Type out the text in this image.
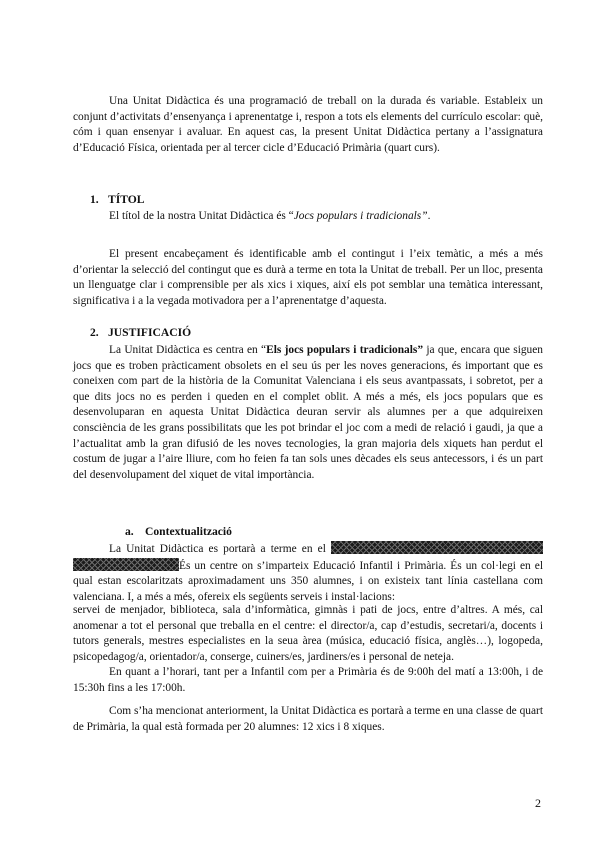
Una Unitat Didàctica és una programació de treball on la durada és variable. Estableix un conjunt d’activitats d’ensenyança i aprenentatge i, respon a tots els elements del currículo escolar: què, cóm i quan ensenyar i avaluar. En aquest cas, la present Unitat Didàctica pertany a l’assignatura d’Educació Física, orientada per al tercer cicle d’Educació Primària (quart curs).

1. TÍTOL
El títol de la nostra Unitat Didàctica és “Jocs populars i tradicionals”.

El present encabeçament és identificable amb el contingut i l’eix temàtic, a més a més d’orientar la selecció del contingut que es durà a terme en tota la Unitat de treball. Per un lloc, presenta un llenguatge clar i comprensible per als xics i xiques, així els pot semblar una temàtica interessant, significativa i a la vegada motivadora per a l’aprenentatge d’aquesta.

2. JUSTIFICACIÓ

La Unitat Didàctica es centra en “Els jocs populars i tradicionals” ja que, encara que siguen jocs que es troben pràcticament obsolets en el seu ús per les noves generacions, és important que es coneixen com part de la història de la Comunitat Valenciana i els seus avantpassats, i sobretot, per a que dits jocs no es perden i queden en el complet oblit. A més a més, els jocs populars que es desenvoluparan en aquesta Unitat Didàctica deuran servir als alumnes per a que adquireixen consciència de les grans possibilitats que les pot brindar el joc com a medi de relació i gaudi, ja que a l’actualitat amb la gran difusió de les noves tecnologies, la gran majoria dels xiquets han perdut el costum de jugar a l’aire lliure, com ho feien fa tan sols unes dècades els seus antecessors, i és un part del desenvolupament del xiquet de vital importància.

a. Contextualització

La Unitat Didàctica es portarà a terme en el És un centre on s’imparteix Educació Infantil i Primària. És un col·legi en el qual estan escolaritzats aproximadament uns 350 alumnes, i on existeix tant línia castellana com valenciana. I, a més a més, ofereix els següents serveis i instal·lacions:

servei de menjador, biblioteca, sala d’informàtica, gimnàs i pati de jocs, entre d’altres. A més, cal anomenar a tot el personal que treballa en el centre: el director/a, cap d’estudis, secretari/a, docents i tutors generals, mestres especialistes en la seua àrea (música, educació física, anglès…), logopeda, psicopedagog/a, orientador/a, conserge, cuiners/es, jardiners/es i personal de neteja.

En quant a l’horari, tant per a Infantil com per a Primària és de 9:00h del matí a 13:00h, i de 15:30h fins a les 17:00h.

Com s’ha mencionat anteriorment, la Unitat Didàctica es portarà a terme en una classe de quart de Primària, la qual està formada per 20 alumnes: 12 xics i 8 xiques.

2
